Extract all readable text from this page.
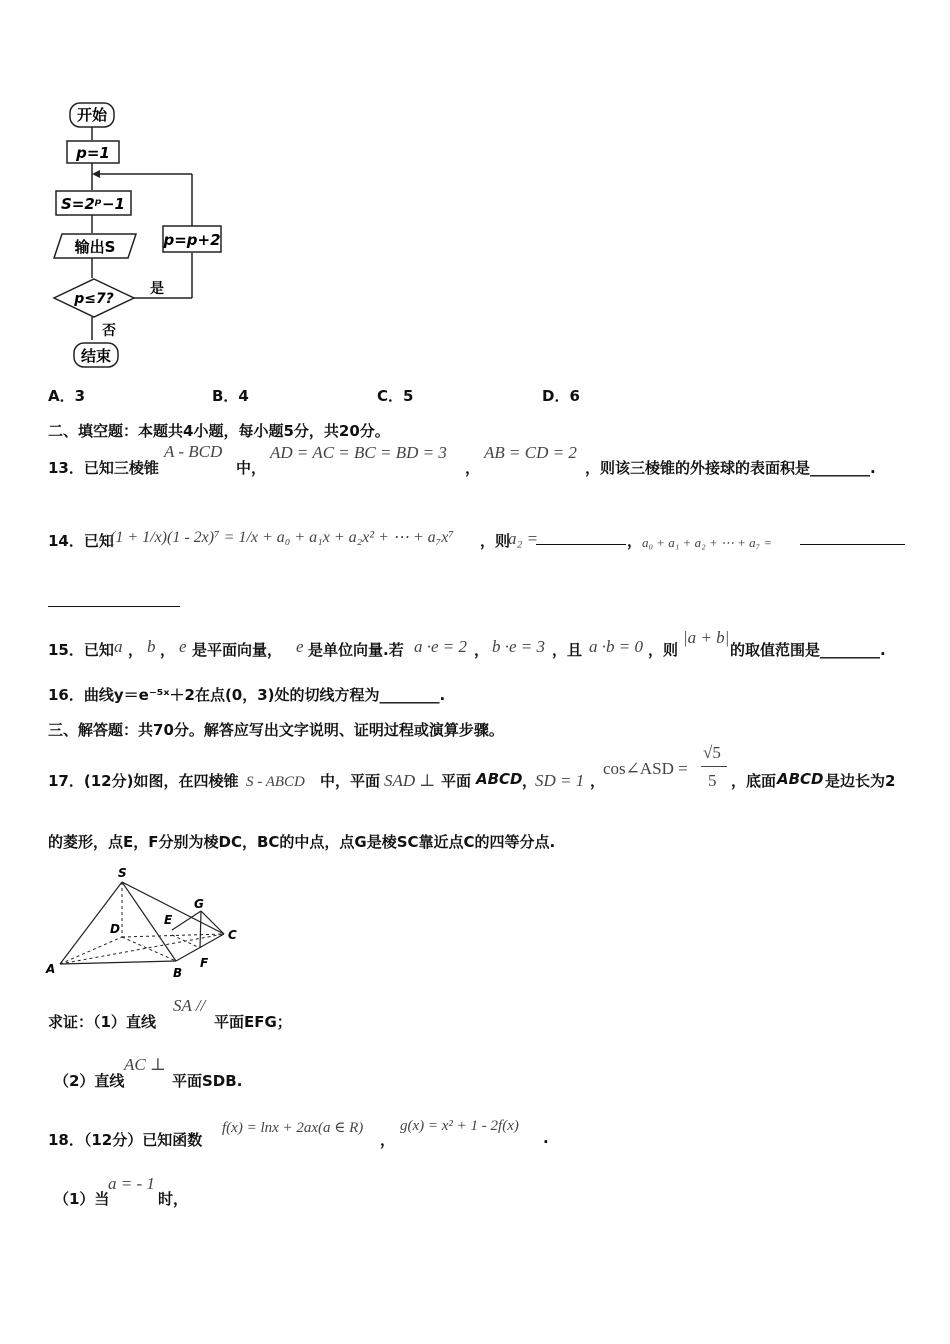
开始
p=1
S=2ᵖ−1
输出S
p≤7?
是
p=p+2
否
结束
A．3	B．4	C．5	D．6
二、填空题：本题共4小题，每小题5分，共20分。
13．已知三棱锥
A - BCD
中，
AD = AC = BC = BD = 3
，
AB = CD = 2
，则该三棱锥的外接球的表面积是________.
14．已知
(1 + 1/x)(1 - 2x)⁷ = 1/x + a₀ + a₁x + a₂x² + ⋯ + a₇x⁷ ，则
a₂ =	， a₀ + a₁ + a₂ + ⋯ + a₇ =
15．已知 a ， b ， e 是平面向量， e 是单位向量.若 a ·e = 2 ， b ·e = 3 ，且 a ·b = 0 ，则
|a + b|
的取值范围是________.
16．曲线y＝e⁻⁵ˣ＋2在点(0，3)处的切线方程为________.
三、解答题：共70分。解答应写出文字说明、证明过程或演算步骤。
17．(12分)如图，在四棱锥 S - ABCD 中，平面 SAD ⊥ 平面 ABCD ，
SD = 1 ，
cos∠ASD =
√5
5 ，底面 ABCD 是边长为2
的菱形，点E，F分别为棱DC，BC的中点，点G是棱SC靠近点C的四等分点.
S
D
E
G
C
A	B
F
求证：（1）直线
SA //
平面EFG；
（2）直线
AC ⊥
平面SDB.
18．（12分）已知函数
f(x) = lnx + 2ax(a ∈ R)
，
g(x) = x² + 1 - 2f(x)
.
（1）当
a = - 1
时，
